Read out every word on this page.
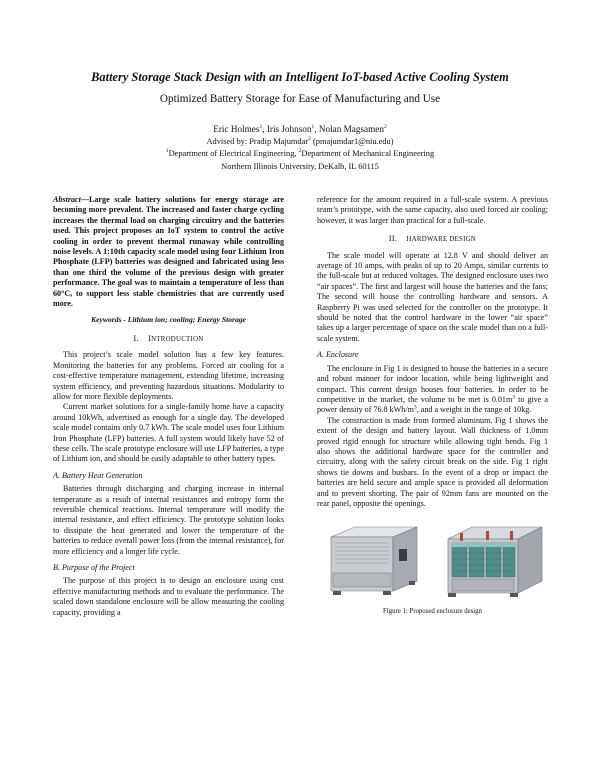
Battery Storage Stack Design with an Intelligent IoT-based Active Cooling System
Optimized Battery Storage for Ease of Manufacturing and Use
Eric Holmes$^1$, Iris Johnson$^1$, Nolan Magsamen$^2$
Advised by: Pradip Majumdar$^2$ (pmajumdar1@niu.edu)
$^1$Department of Electrical Engineering, $^2$Department of Mechanical Engineering
Northern Illinois University, DeKalb, IL 60115

Abstract—Large scale battery solutions for energy storage are becoming more prevalent. The increased and faster charge cycling increases the thermal load on charging circuitry and the batteries used. This project proposes an IoT system to control the active cooling in order to prevent thermal runaway while controlling noise levels. A 1:10th capacity scale model using four Lithium Iron Phosphate (LFP) batteries was designed and fabricated using less than one third the volume of the previous design with greater performance. The goal was to maintain a temperature of less than 60°C, to support less stable chemistries that are currently used more.

Keywords - Lithium ion; cooling; Energy Storage
I. INTRODUCTION

This project’s scale model solution has a few key features. Monitoring the batteries for any problems. Forced air cooling for a cost-effective temperature management, extending lifetime, increasing system efficiency, and preventing hazardous situations. Modularity to allow for more flexible deployments.

Current market solutions for a single-family home have a capacity around 10kWh, advertised as enough for a single day. The developed scale model contains only 0.7 kWh. The scale model uses four Lithium Iron Phosphate (LFP) batteries. A full system would likely have 52 of these cells. The scale prototype enclosure will use LFP batteries, a type of Lithium ion, and should be easily adaptable to other battery types.

A. Battery Heat Generation

Batteries through discharging and charging increase in internal temperature as a result of internal resistances and entropy form the reversible chemical reactions. Internal temperature will modify the internal resistance, and effect efficiency. The prototype solution looks to dissipate the heat generated and lower the temperature of the batteries to reduce overall power loss (from the internal resistance), for more efficiency and a longer life cycle.

B. Purpose of the Project

The purpose of this project is to design an enclosure using cost effective manufacturing methods and to evaluate the performance. The scaled down standalone enclosure will be allow measuring the cooling capacity, providing a

reference for the amount required in a full-scale system. A previous team’s prototype, with the same capacity, also used forced air cooling; however, it was larger than practical for a full-scale.

II. HARDWARE DESIGN

The scale model will operate at 12.8 V and should deliver an average of 10 amps, with peaks of up to 20 Amps, similar currents to the full-scale but at reduced voltages. The designed enclosure uses two “air spaces”. The first and largest will house the batteries and the fans; The second will house the controlling hardware and sensors. A Raspberry Pi was used selected for the controller on the prototype. It should be noted that the control hardware in the lower “air space” takes up a larger percentage of space on the scale model than on a full-scale system.

A. Enclosure

The enclosure in Fig 1 is designed to house the batteries in a secure and robust manner for indoor location, while being lightweight and compact. This current design houses four batteries. In order to be competitive in the market, the volume to be met is $0.01m^3$ to give a power density of 76.8 kWh/$m^3$, and a weight in the range of 10kg.

The construction is made from formed aluminum. Fig 1 shows the extent of the design and battery layout. Wall thickness of 1.0mm proved rigid enough for structure while allowing tight bends. Fig 1 also shows the additional hardware space for the controller and circuitry, along with the safety circuit break on the side. Fig 1 right shows tie downs and busbars. In the event of a drop or impact the batteries are held secure and ample space is provided all deformation and to prevent shorting. The pair of 92mm fans are mounted on the rear panel, opposite the openings.

Figure 1: Proposed enclosure design
